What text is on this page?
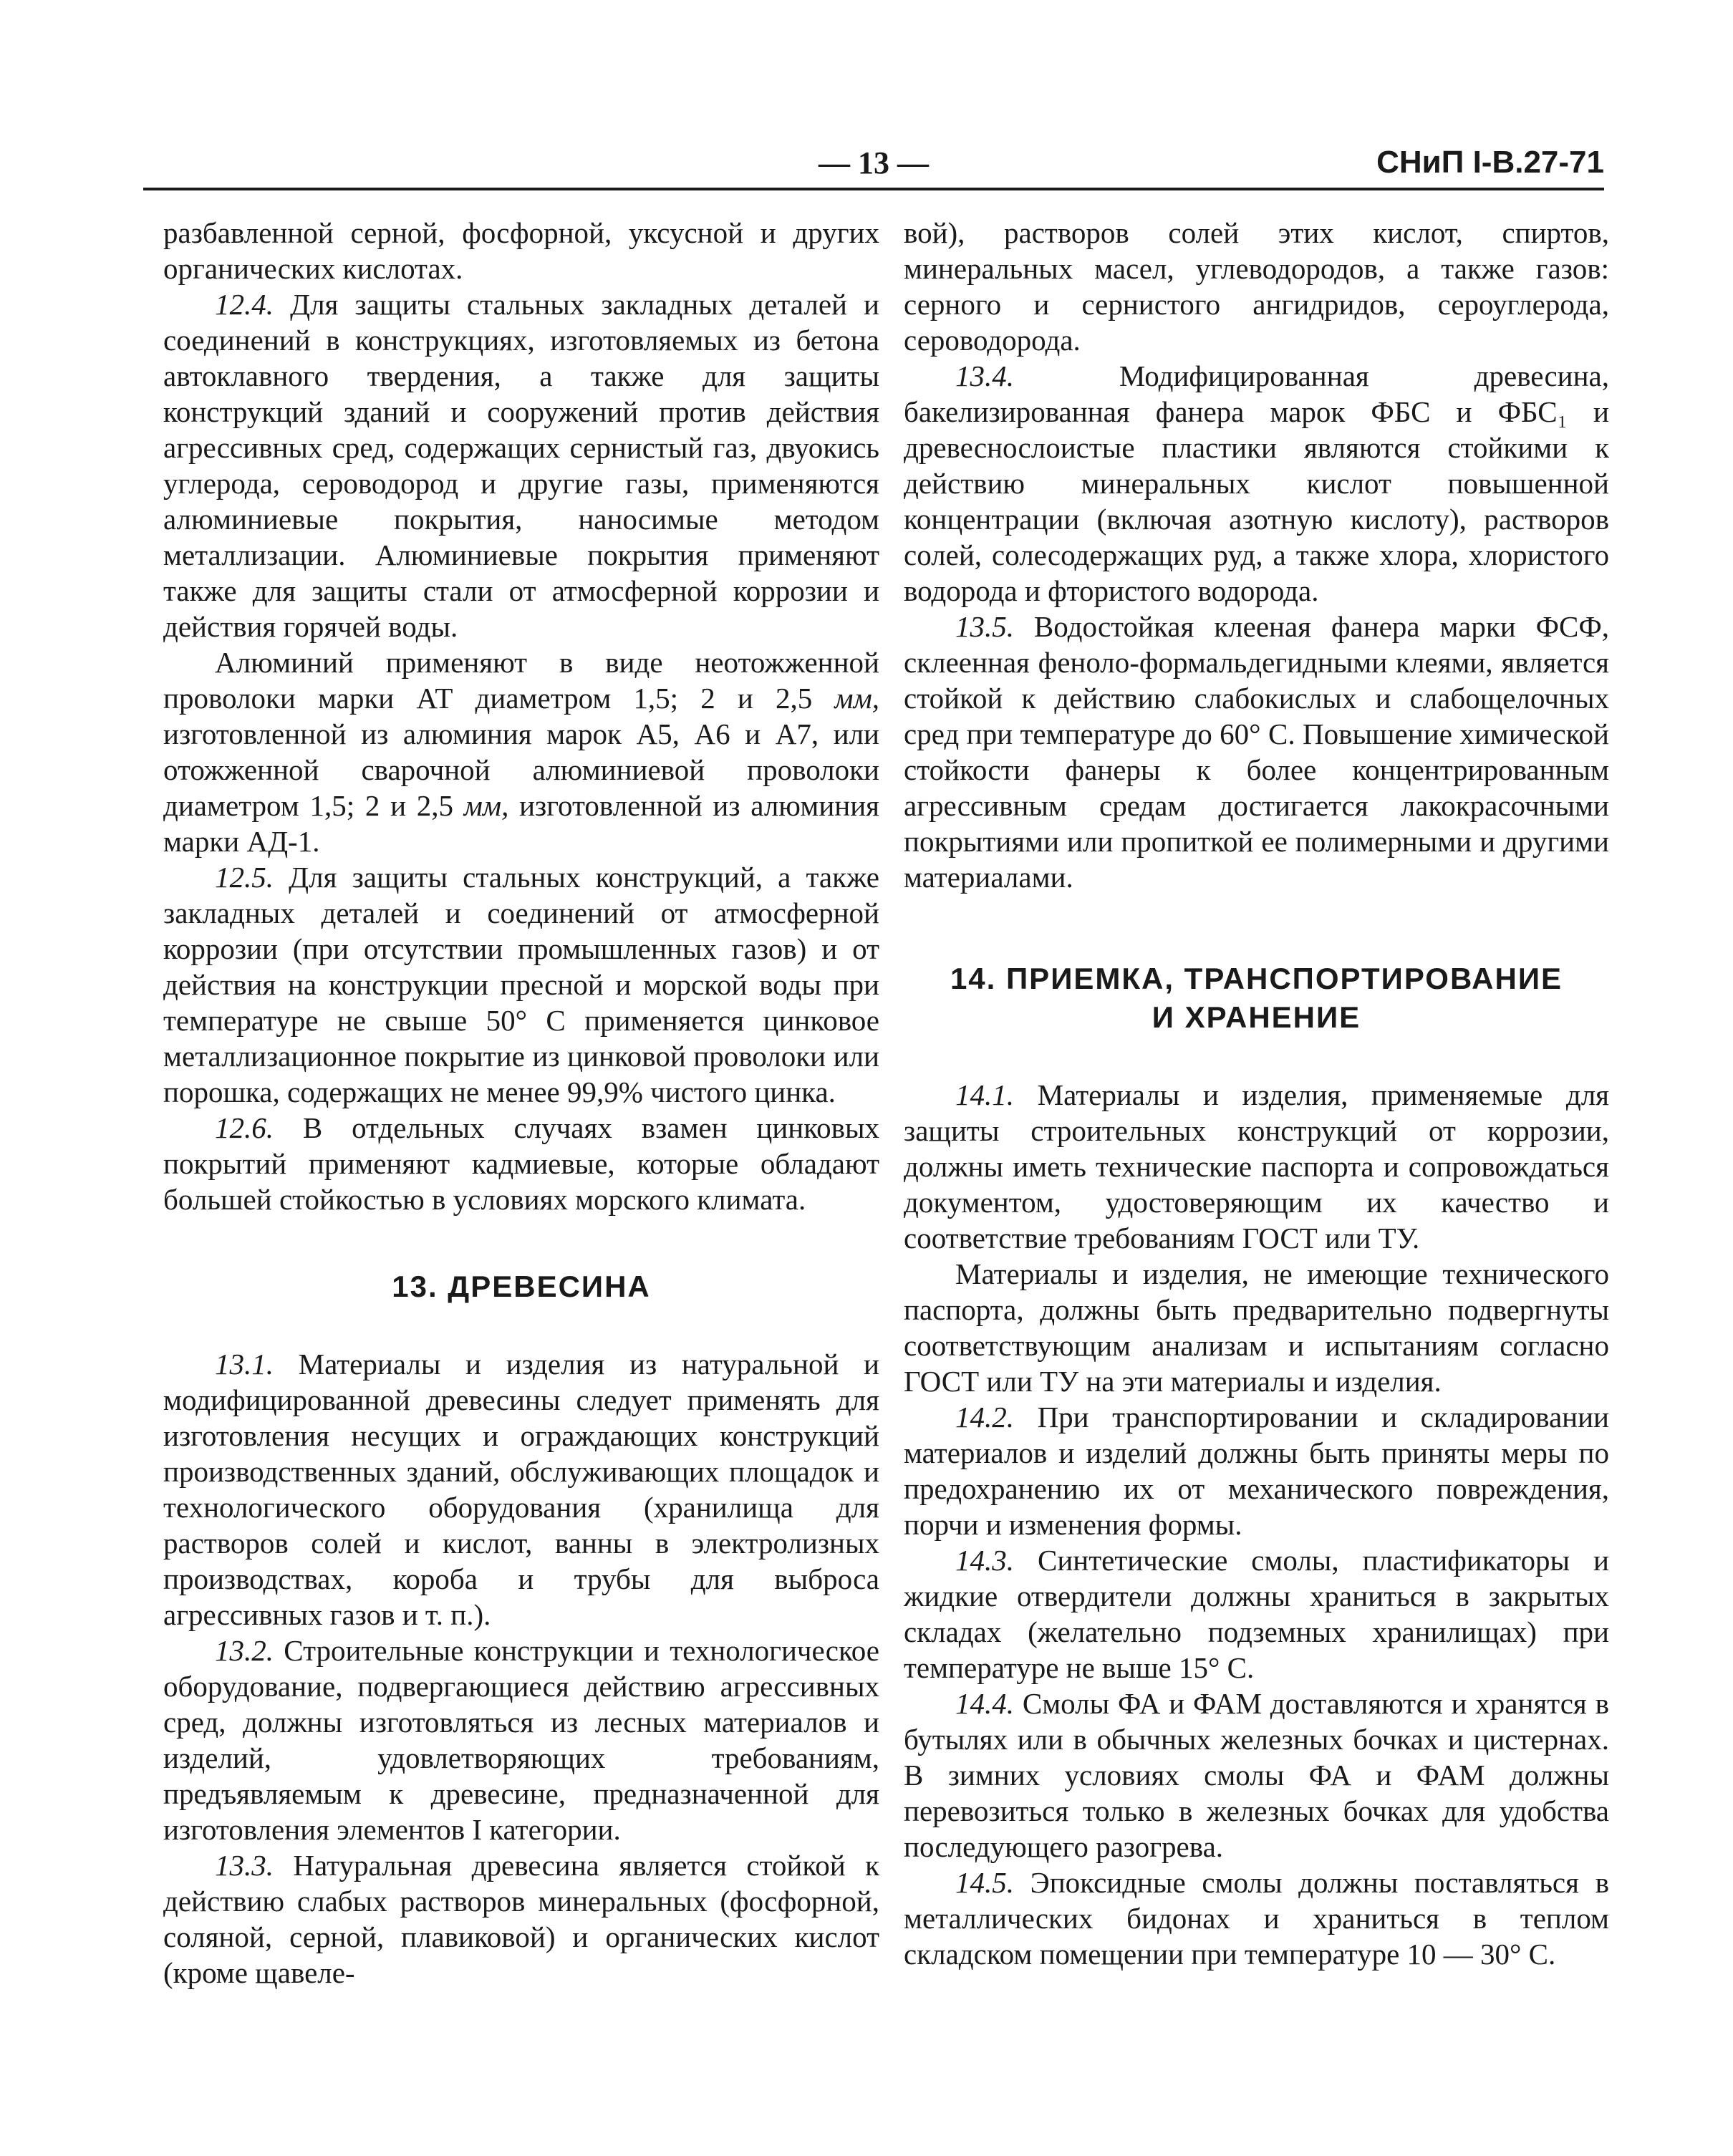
— 13 —	СНиП I-В.27-71

разбавленной серной, фосфорной, уксусной и других органических кислотах.

12.4. Для защиты стальных закладных деталей и соединений в конструкциях, изготовляемых из бетона автоклавного твердения, а также для защиты конструкций зданий и сооружений против действия агрессивных сред, содержащих сернистый газ, двуокись углерода, сероводород и другие газы, применяются алюминиевые покрытия, наносимые методом металлизации. Алюминиевые покрытия применяют также для защиты стали от атмосферной коррозии и действия горячей воды.

Алюминий применяют в виде неотожженной проволоки марки АТ диаметром 1,5; 2 и 2,5 мм, изготовленной из алюминия марок А5, А6 и А7, или отожженной сварочной алюминиевой проволоки диаметром 1,5; 2 и 2,5 мм, изготовленной из алюминия марки АД-1.

12.5. Для защиты стальных конструкций, а также закладных деталей и соединений от атмосферной коррозии (при отсутствии промышленных газов) и от действия на конструкции пресной и морской воды при температуре не свыше 50° С применяется цинковое металлизационное покрытие из цинковой проволоки или порошка, содержащих не менее 99,9% чистого цинка.

12.6. В отдельных случаях взамен цинковых покрытий применяют кадмиевые, которые обладают большей стойкостью в условиях морского климата.

13. ДРЕВЕСИНА

13.1. Материалы и изделия из натуральной и модифицированной древесины следует применять для изготовления несущих и ограждающих конструкций производственных зданий, обслуживающих площадок и технологического оборудования (хранилища для растворов солей и кислот, ванны в электролизных производствах, короба и трубы для выброса агрессивных газов и т. п.).

13.2. Строительные конструкции и технологическое оборудование, подвергающиеся действию агрессивных сред, должны изготовляться из лесных материалов и изделий, удовлетворяющих требованиям, предъявляемым к древесине, предназначенной для изготовления элементов I категории.

13.3. Натуральная древесина является стойкой к действию слабых растворов минеральных (фосфорной, соляной, серной, плавиковой) и органических кислот (кроме щавеле-

вой), растворов солей этих кислот, спиртов, минеральных масел, углеводородов, а также газов: серного и сернистого ангидридов, сероуглерода, сероводорода.

13.4.	Модифицированная древесина, бакелизированная фанера марок ФБС и ФБС₁ и древеснослоистые пластики являются стойкими к действию минеральных кислот повышенной концентрации (включая азотную кислоту), растворов солей, солесодержащих руд, а также хлора, хлористого водорода и фтористого водорода.

13.5. Водостойкая клееная фанера марки ФСФ, склеенная феноло-формальдегидными клеями, является стойкой к действию слабокислых и слабощелочных сред при температуре до 60° С. Повышение химической стойкости фанеры к более концентрированным агрессивным средам достигается лакокрасочными покрытиями или пропиткой ее полимерными и другими материалами.

14. ПРИЕМКА, ТРАНСПОРТИРОВАНИЕ
И ХРАНЕНИЕ

14.1. Материалы и изделия, применяемые для защиты строительных конструкций от коррозии, должны иметь технические паспорта и сопровождаться документом, удостоверяющим их качество и соответствие требованиям ГОСТ или ТУ.

Материалы и изделия, не имеющие технического паспорта, должны быть предварительно подвергнуты соответствующим анализам и испытаниям согласно ГОСТ или ТУ на эти материалы и изделия.

14.2. При транспортировании и складировании материалов и изделий должны быть приняты меры по предохранению их от механического повреждения, порчи и изменения формы.

14.3. Синтетические смолы, пластификаторы и жидкие отвердители должны храниться в закрытых складах (желательно подземных хранилищах) при температуре не выше 15° С.

14.4. Смолы ФА и ФАМ доставляются и хранятся в бутылях или в обычных железных бочках и цистернах. В зимних условиях смолы ФА и ФАМ должны перевозиться только в железных бочках для удобства последующего разогрева.

14.5. Эпоксидные смолы должны поставляться в металлических бидонах и храниться в теплом складском помещении при температуре 10 — 30° С.
